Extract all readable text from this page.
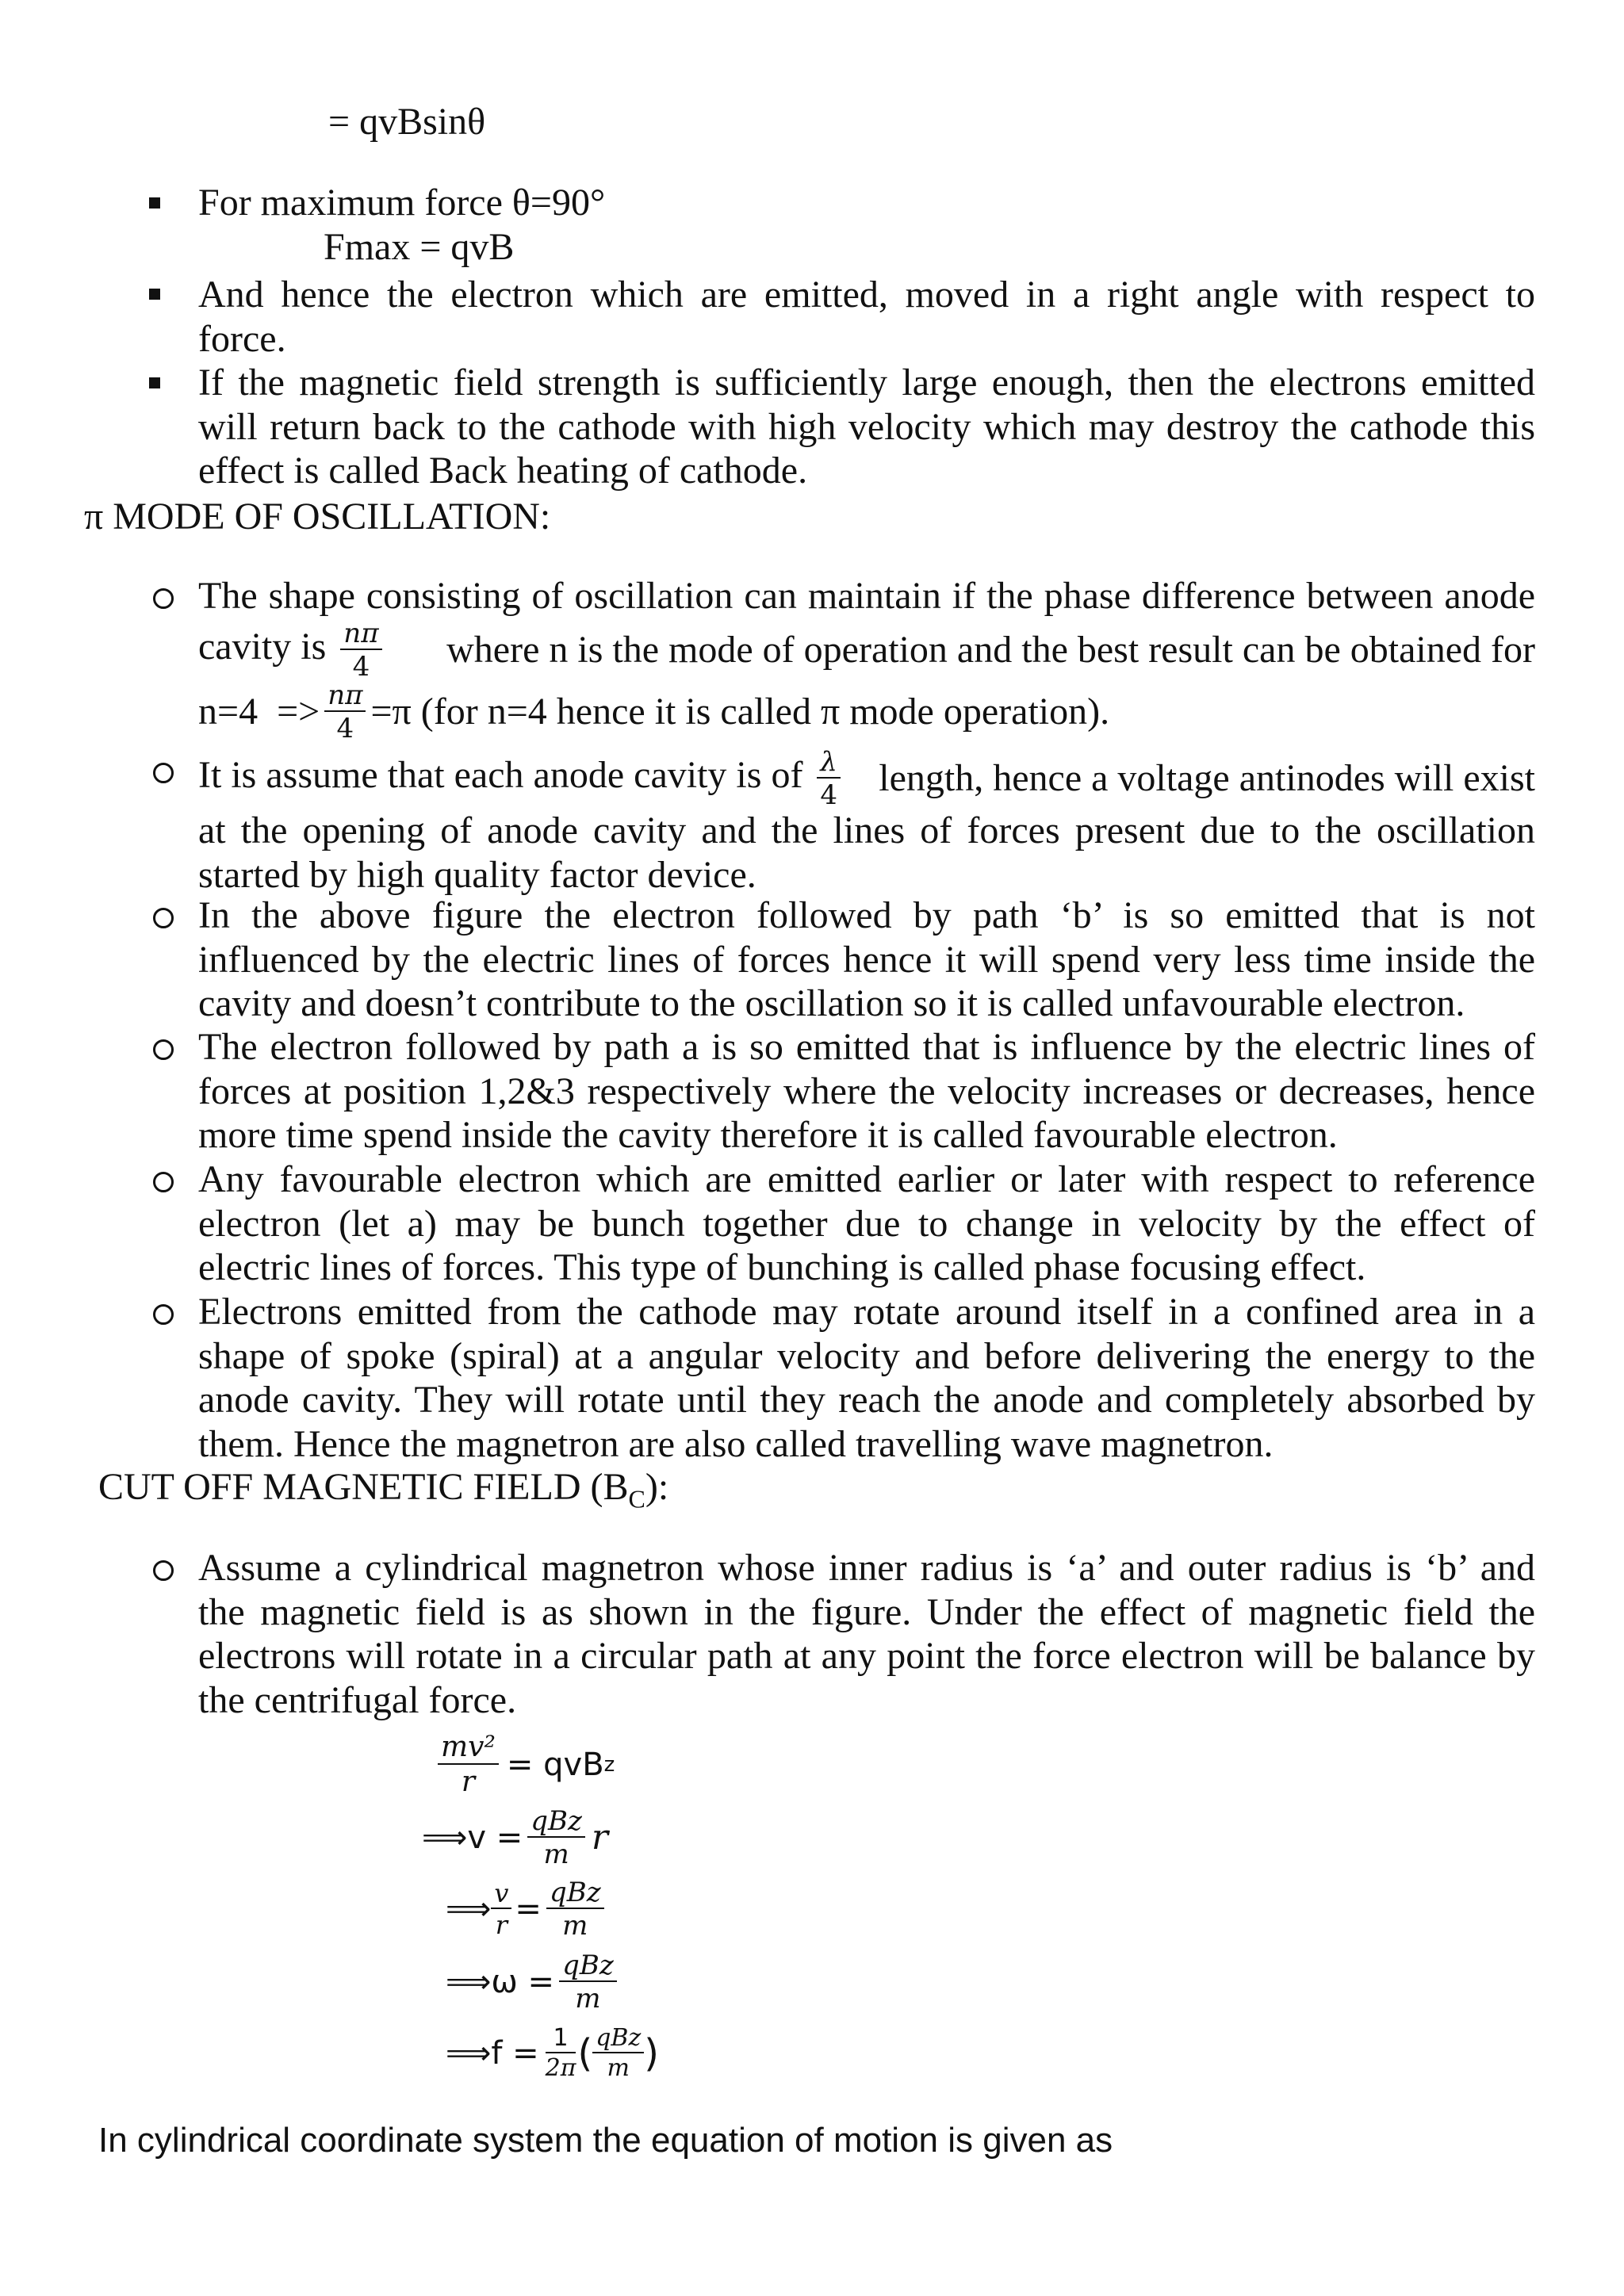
= qvBsinθ
For maximum force θ=90°
Fmax = qvB
And hence the electron which are emitted, moved in a right angle with respect to
force.
If the magnetic field strength is sufficiently large enough, then the electrons emitted
will return back to the cathode with high velocity which may destroy the cathode this
effect is called Back heating of cathode.
π MODE OF OSCILLATION:
The shape consisting of oscillation can maintain if the phase difference between anode
cavity is $\frac{n\pi}{4}$ where n is the mode of operation and the best result can be obtained for
$n=4 => \frac{n\pi}{4} =\pi$ (for n=4 hence it is called π mode operation).
It is assume that each anode cavity is of $\frac{\lambda}{4}$ length, hence a voltage antinodes will exist
at the opening of anode cavity and the lines of forces present due to the oscillation
started by high quality factor device.
In the above figure the electron followed by path ‘b’ is so emitted that is not
influenced by the electric lines of forces hence it will spend very less time inside the
cavity and doesn’t contribute to the oscillation so it is called unfavourable electron.
The electron followed by path a is so emitted that is influence by the electric lines of
forces at position 1,2&3 respectively where the velocity increases or decreases, hence
more time spend inside the cavity therefore it is called favourable electron.
Any favourable electron which are emitted earlier or later with respect to reference
electron (let a) may be bunch together due to change in velocity by the effect of
electric lines of forces. This type of bunching is called phase focusing effect.
Electrons emitted from the cathode may rotate around itself in a confined area in a
shape of spoke (spiral) at a angular velocity and before delivering the energy to the
anode cavity. They will rotate until they reach the anode and completely absorbed by
them. Hence the magnetron are also called travelling wave magnetron.
CUT OFF MAGNETIC FIELD $(B_C)$:
Assume a cylindrical magnetron whose inner radius is ‘a’ and outer radius is ‘b’ and
the magnetic field is as shown in the figure. Under the effect of magnetic field the
electrons will rotate in a circular path at any point the force electron will be balance by
the centrifugal force.
$\frac{\text{mv²}}{r}$ = qvB z
⟹v = $\frac{\text{qBz}}{m}$ r
⟹ $\frac{v}{r} = \frac{\text{qBz}}{m}$
⟹ω = $\frac{\text{qBz}}{m}$
⟹f = $\frac{1}{2\pi}$ ( $\frac{\text{qBz}}{m}$ )
In cylindrical coordinate system the equation of motion is given as
